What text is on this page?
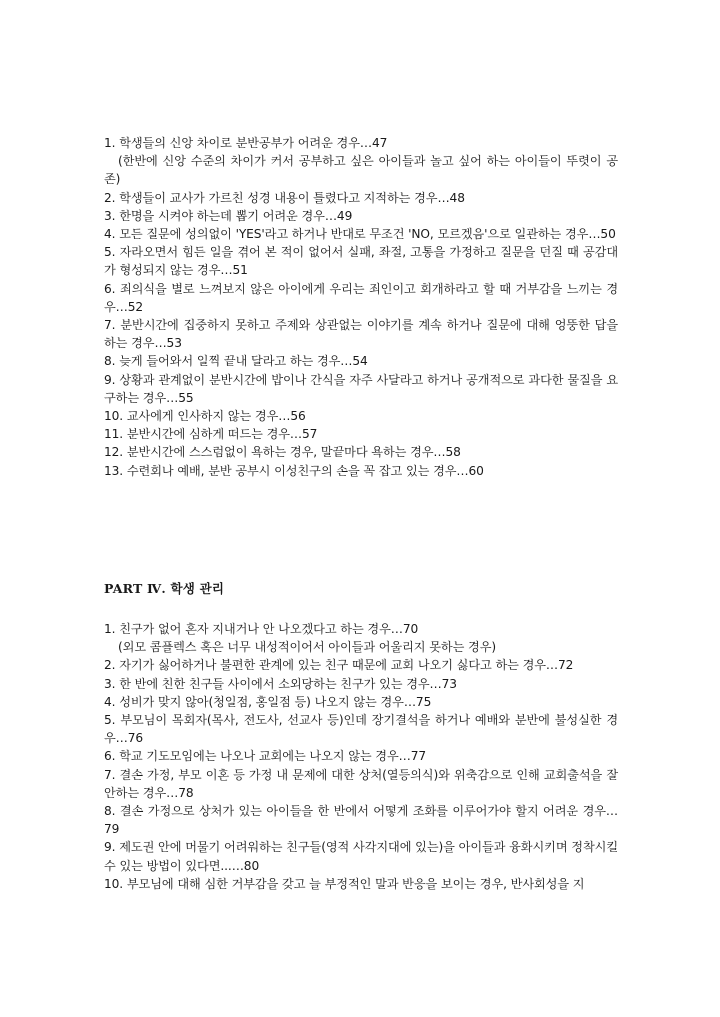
1. 학생들의 신앙 차이로 분반공부가 어려운 경우…47

(한반에 신앙 수준의 차이가 커서 공부하고 싶은 아이들과 놀고 싶어 하는 아이들이 뚜렷이 공존)

2. 학생들이 교사가 가르친 성경 내용이 틀렸다고 지적하는 경우…48

3. 한명을 시켜야 하는데 뽑기 어려운 경우…49

4. 모든 질문에 성의없이 'YES'라고 하거나 반대로 무조건 'NO, 모르겠음'으로 일관하는 경우…50

5. 자라오면서 힘든 일을 겪어 본 적이 없어서 실패, 좌절, 고통을 가정하고 질문을 던질 때 공감대가 형성되지 않는 경우…51

6. 죄의식을 별로 느껴보지 않은 아이에게 우리는 죄인이고 회개하라고 할 때 거부감을 느끼는 경우…52

7. 분반시간에 집중하지 못하고 주제와 상관없는 이야기를 계속 하거나 질문에 대해 엉뚱한 답을 하는 경우…53

8. 늦게 들어와서 일찍 끝내 달라고 하는 경우…54

9. 상황과 관계없이 분반시간에 밥이나 간식을 자주 사달라고 하거나 공개적으로 과다한 물질을 요구하는 경우…55

10. 교사에게 인사하지 않는 경우…56

11. 분반시간에 심하게 떠드는 경우…57

12. 분반시간에 스스럼없이 욕하는 경우, 말끝마다 욕하는 경우…58

13. 수련회나 예배, 분반 공부시 이성친구의 손을 꼭 잡고 있는 경우…60

PART Ⅳ. 학생 관리

1. 친구가 없어 혼자 지내거나 안 나오겠다고 하는 경우…70

(외모 콤플렉스 혹은 너무 내성적이어서 아이들과 어울리지 못하는 경우)

2. 자기가 싫어하거나 불편한 관계에 있는 친구 때문에 교회 나오기 싫다고 하는 경우…72

3. 한 반에 친한 친구들 사이에서 소외당하는 친구가 있는 경우…73

4. 성비가 맞지 않아(청일점, 홍일점 등) 나오지 않는 경우…75

5. 부모님이 목회자(목사, 전도사, 선교사 등)인데 장기결석을 하거나 예배와 분반에 불성실한 경우…76

6. 학교 기도모임에는 나오나 교회에는 나오지 않는 경우…77

7. 결손 가정, 부모 이혼 등 가정 내 문제에 대한 상처(열등의식)와 위축감으로 인해 교회출석을 잘 안하는 경우…78

8. 결손 가정으로 상처가 있는 아이들을 한 반에서 어떻게 조화를 이루어가야 할지 어려운 경우…79

9. 제도권 안에 머물기 어려워하는 친구들(영적 사각지대에 있는)을 아이들과 융화시키며 정착시킬 수 있는 방법이 있다면...…80

10. 부모님에 대해 심한 거부감을 갖고 늘 부정적인 말과 반응을 보이는 경우, 반사회성을 지
